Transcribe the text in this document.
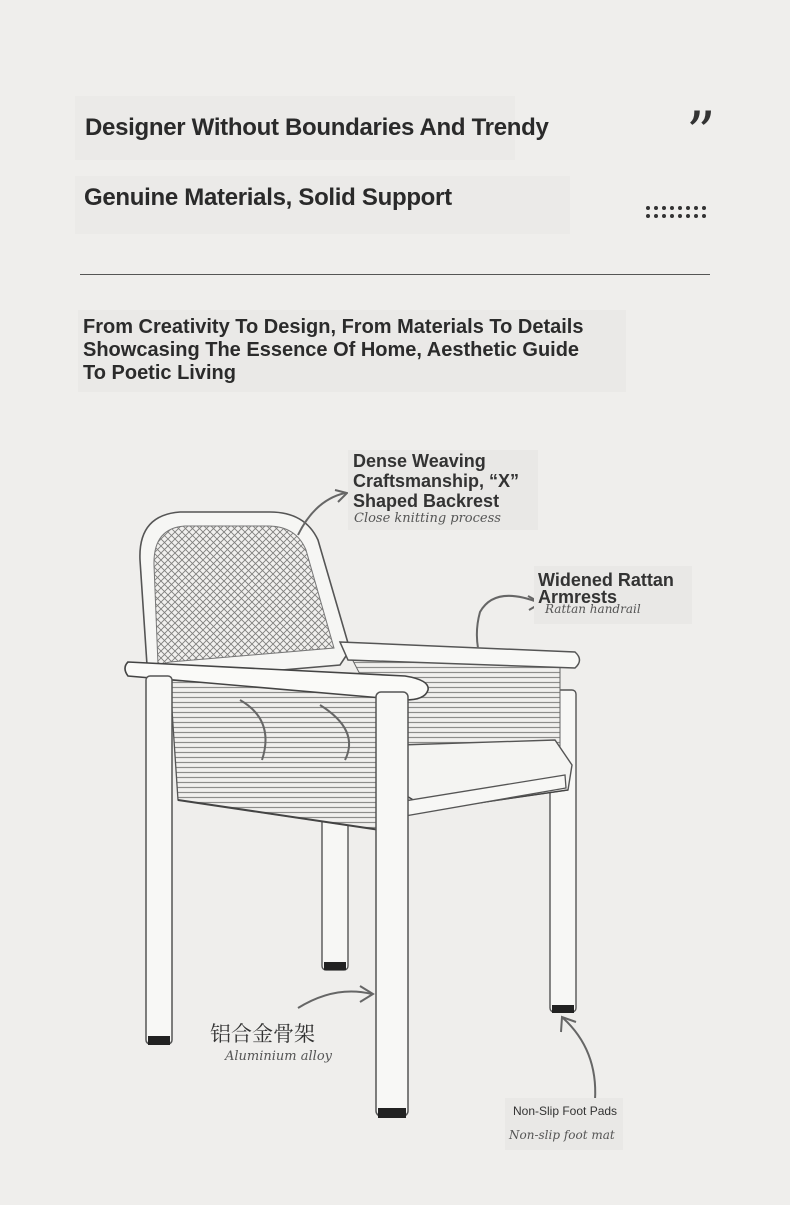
Designer Without Boundaries And Trendy
Genuine Materials, Solid Support
”
From Creativity To Design, From Materials To Details
Showcasing The Essence Of Home, Aesthetic Guide
To Poetic Living
Dense Weaving
Craftsmanship, “X”
Shaped Backrest
Close knitting process
Widened Rattan
Armrests
Rattan handrail
铝合金骨架
Aluminium alloy
Non-Slip Foot Pads
Non-slip foot mat
